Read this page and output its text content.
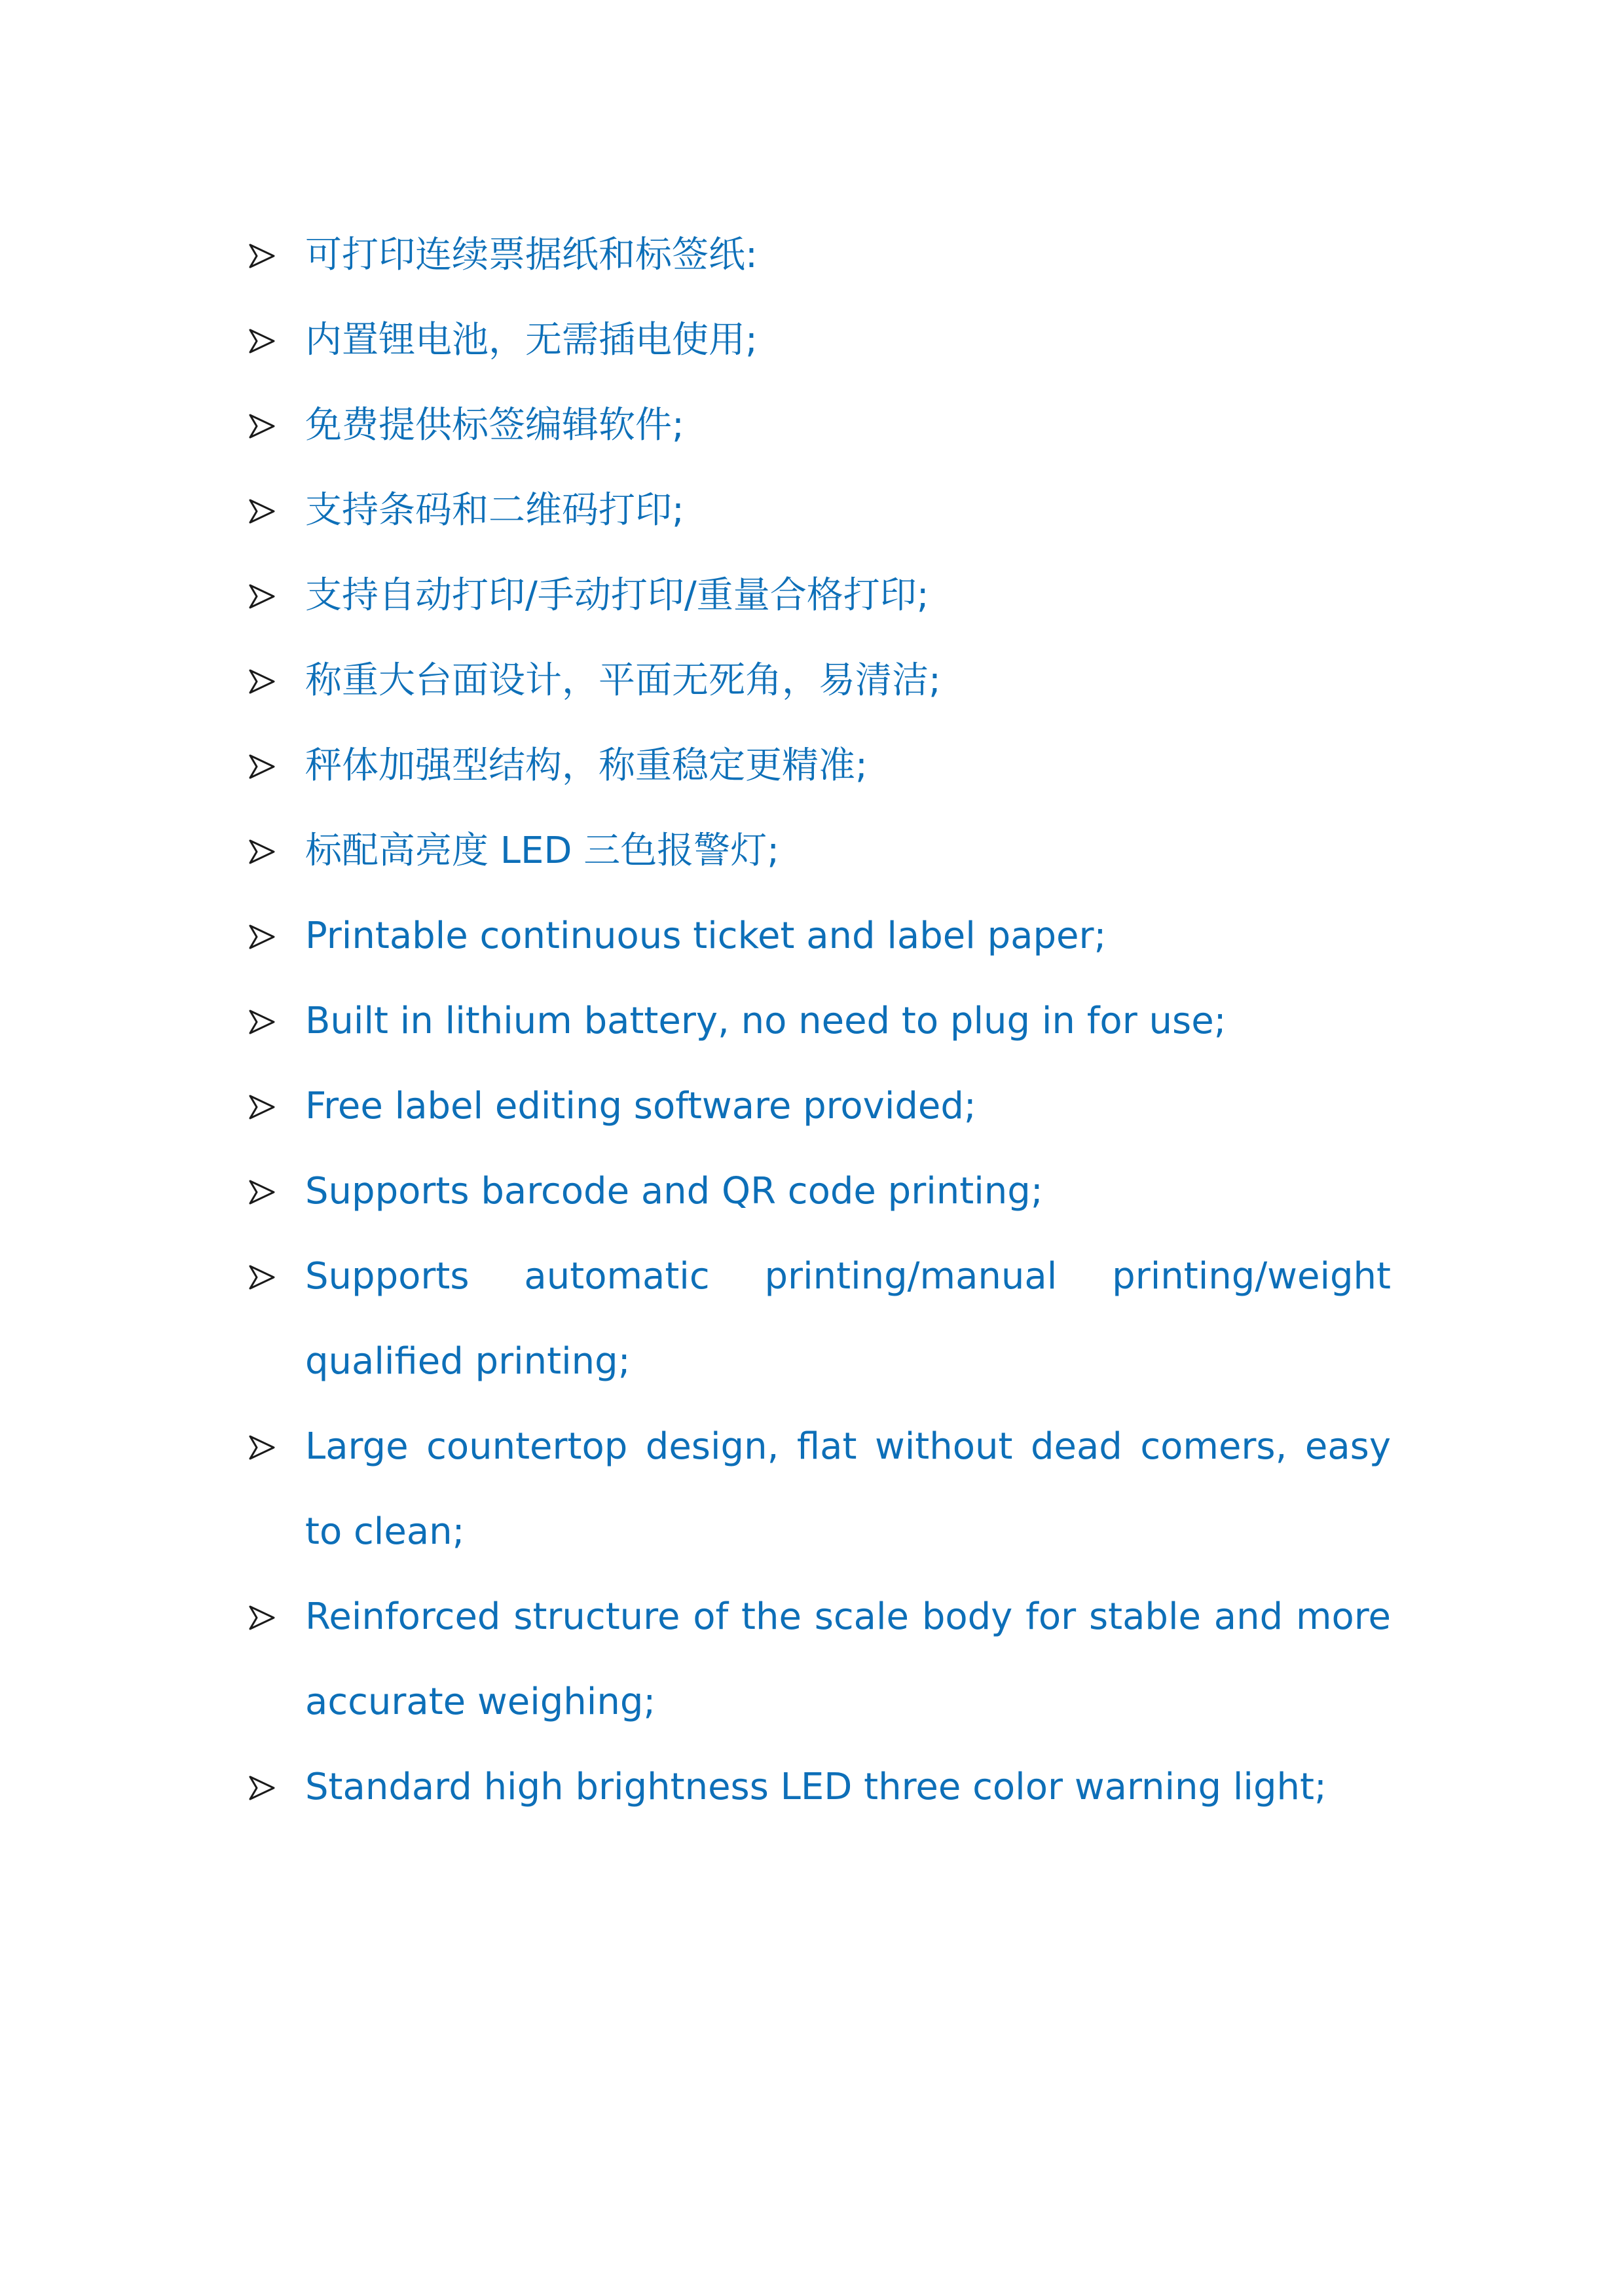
可打印连续票据纸和标签纸:
内置锂电池，无需插电使用;
免费提供标签编辑软件;
支持条码和二维码打印;
支持自动打印/手动打印/重量合格打印;
称重大台面设计，平面无死角，易清洁;
秤体加强型结构，称重稳定更精准;
标配高亮度 LED 三色报警灯;
Printable continuous ticket and label paper;
Built in lithium battery, no need to plug in for use;
Free label editing software provided;
Supports barcode and QR code printing;
Supports automatic printing/manual printing/weight qualified printing;
Large countertop design, flat without dead comers, easy to clean;
Reinforced structure of the scale body for stable and more accurate weighing;
Standard high brightness LED three color warning light;
